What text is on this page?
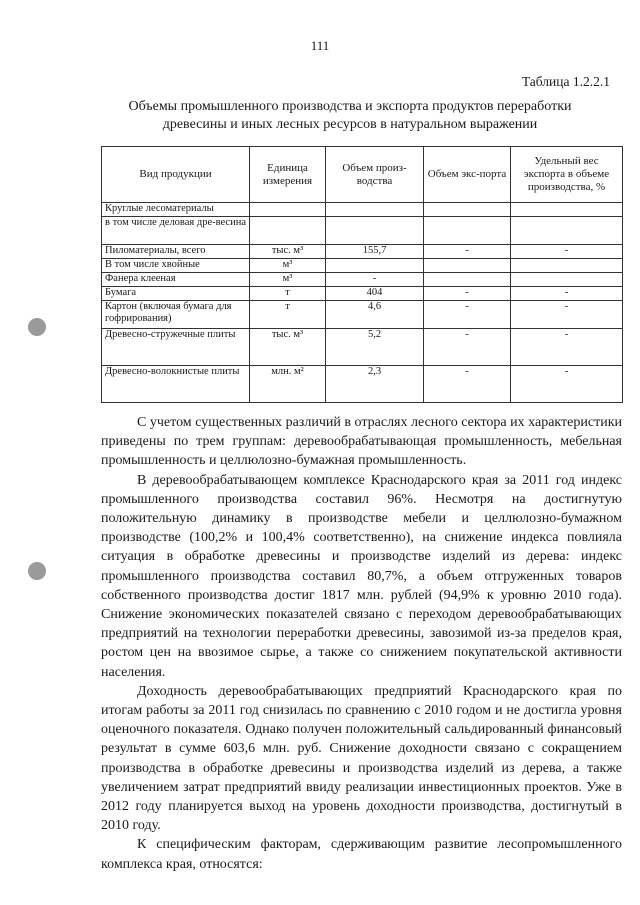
111
Таблица 1.2.2.1
Объемы промышленного производства и экспорта продуктов переработки
древесины и иных лесных ресурсов в натуральном выражении
Вид продукции	Единица измерения	Объем произ-водства	Объем экс-порта	Удельный вес экспорта в объеме производства, %
Круглые лесоматериалы				
в том числе деловая дре-весина				
Пиломатериалы, всего	тыс. м³	155,7	-	-
В том числе хвойные	м³			
Фанера клееная	м³	-		
Бумага	т	404	-	-
Картон (включая бумага для гофрирования)	т	4,6	-	-
Древесно-стружечные плиты	тыс. м³	5,2	-	-
Древесно-волокнистые плиты	млн. м²	2,3	-	-

С учетом существенных различий в отраслях лесного сектора их характеристики приведены по трем группам: деревообрабатывающая промышленность, мебельная промышленность и целлюлозно-бумажная промышленность.

В деревообрабатывающем комплексе Краснодарского края за 2011 год индекс промышленного производства составил 96%. Несмотря на достигнутую положительную динамику в производстве мебели и целлюлозно-бумажном производстве (100,2% и 100,4% соответственно), на снижение индекса повлияла ситуация в обработке древесины и производстве изделий из дерева: индекс промышленного производства составил 80,7%, а объем отгруженных товаров собственного производства достиг 1817 млн. рублей (94,9% к уровню 2010 года). Снижение экономических показателей связано с переходом деревообрабатывающих предприятий на технологии переработки древесины, завозимой из-за пределов края, ростом цен на ввозимое сырье, а также со снижением покупательской активности населения.

Доходность деревообрабатывающих предприятий Краснодарского края по итогам работы за 2011 год снизилась по сравнению с 2010 годом и не достигла уровня оценочного показателя. Однако получен положительный сальдированный финансовый результат в сумме 603,6 млн. руб. Снижение доходности связано с сокращением производства в обработке древесины и производства изделий из дерева, а также увеличением затрат предприятий ввиду реализации инвестиционных проектов. Уже в 2012 году планируется выход на уровень доходности производства, достигнутый в 2010 году.

К специфическим факторам, сдерживающим развитие лесопромышленного комплекса края, относятся:
